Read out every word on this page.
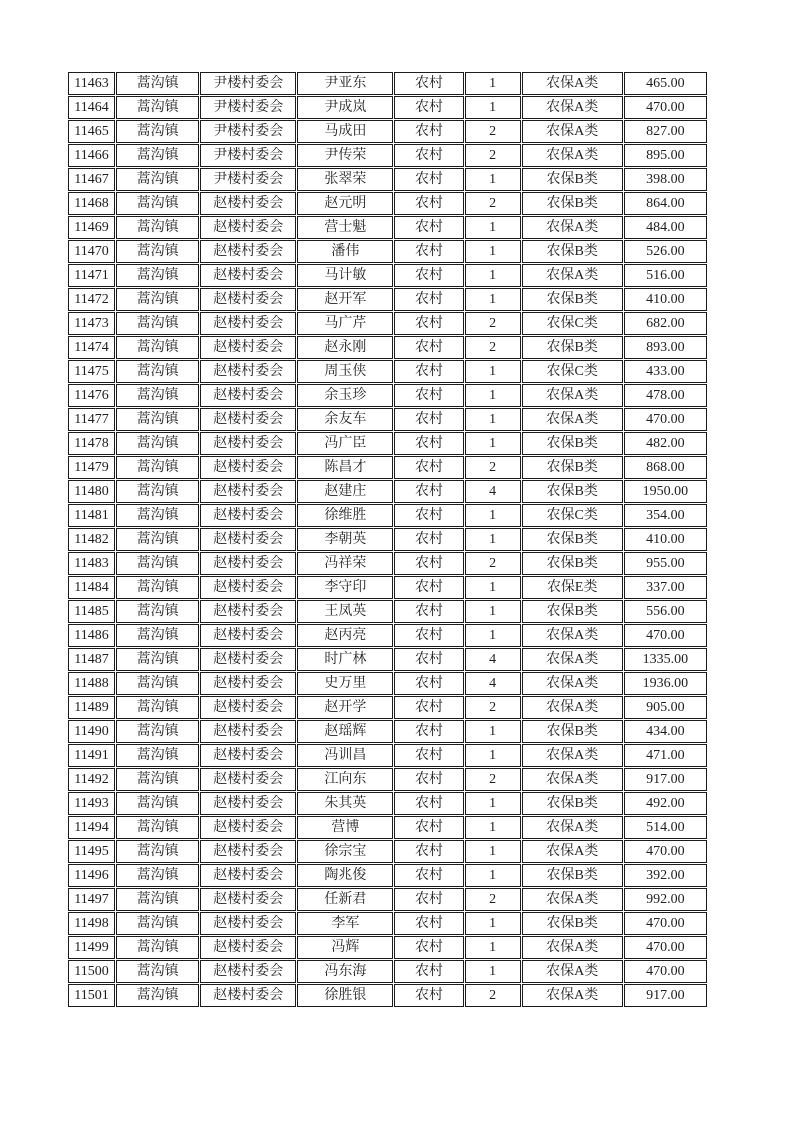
11463	蒿沟镇	尹楼村委会	尹亚东	农村	1	农保A类	465.00
11464	蒿沟镇	尹楼村委会	尹成岚	农村	1	农保A类	470.00
11465	蒿沟镇	尹楼村委会	马成田	农村	2	农保A类	827.00
11466	蒿沟镇	尹楼村委会	尹传荣	农村	2	农保A类	895.00
11467	蒿沟镇	尹楼村委会	张翠荣	农村	1	农保B类	398.00
11468	蒿沟镇	赵楼村委会	赵元明	农村	2	农保B类	864.00
11469	蒿沟镇	赵楼村委会	营士魁	农村	1	农保A类	484.00
11470	蒿沟镇	赵楼村委会	潘伟	农村	1	农保B类	526.00
11471	蒿沟镇	赵楼村委会	马计敏	农村	1	农保A类	516.00
11472	蒿沟镇	赵楼村委会	赵开军	农村	1	农保B类	410.00
11473	蒿沟镇	赵楼村委会	马广芹	农村	2	农保C类	682.00
11474	蒿沟镇	赵楼村委会	赵永刚	农村	2	农保B类	893.00
11475	蒿沟镇	赵楼村委会	周玉侠	农村	1	农保C类	433.00
11476	蒿沟镇	赵楼村委会	余玉珍	农村	1	农保A类	478.00
11477	蒿沟镇	赵楼村委会	余友车	农村	1	农保A类	470.00
11478	蒿沟镇	赵楼村委会	冯广臣	农村	1	农保B类	482.00
11479	蒿沟镇	赵楼村委会	陈昌才	农村	2	农保B类	868.00
11480	蒿沟镇	赵楼村委会	赵建庄	农村	4	农保B类	1950.00
11481	蒿沟镇	赵楼村委会	徐维胜	农村	1	农保C类	354.00
11482	蒿沟镇	赵楼村委会	李朝英	农村	1	农保B类	410.00
11483	蒿沟镇	赵楼村委会	冯祥荣	农村	2	农保B类	955.00
11484	蒿沟镇	赵楼村委会	李守印	农村	1	农保E类	337.00
11485	蒿沟镇	赵楼村委会	王凤英	农村	1	农保B类	556.00
11486	蒿沟镇	赵楼村委会	赵丙亮	农村	1	农保A类	470.00
11487	蒿沟镇	赵楼村委会	时广林	农村	4	农保A类	1335.00
11488	蒿沟镇	赵楼村委会	史万里	农村	4	农保A类	1936.00
11489	蒿沟镇	赵楼村委会	赵开学	农村	2	农保A类	905.00
11490	蒿沟镇	赵楼村委会	赵瑶辉	农村	1	农保B类	434.00
11491	蒿沟镇	赵楼村委会	冯训昌	农村	1	农保A类	471.00
11492	蒿沟镇	赵楼村委会	江向东	农村	2	农保A类	917.00
11493	蒿沟镇	赵楼村委会	朱其英	农村	1	农保B类	492.00
11494	蒿沟镇	赵楼村委会	营博	农村	1	农保A类	514.00
11495	蒿沟镇	赵楼村委会	徐宗宝	农村	1	农保A类	470.00
11496	蒿沟镇	赵楼村委会	陶兆俊	农村	1	农保B类	392.00
11497	蒿沟镇	赵楼村委会	任新君	农村	2	农保A类	992.00
11498	蒿沟镇	赵楼村委会	李军	农村	1	农保B类	470.00
11499	蒿沟镇	赵楼村委会	冯辉	农村	1	农保A类	470.00
11500	蒿沟镇	赵楼村委会	冯东海	农村	1	农保A类	470.00
11501	蒿沟镇	赵楼村委会	徐胜银	农村	2	农保A类	917.00
